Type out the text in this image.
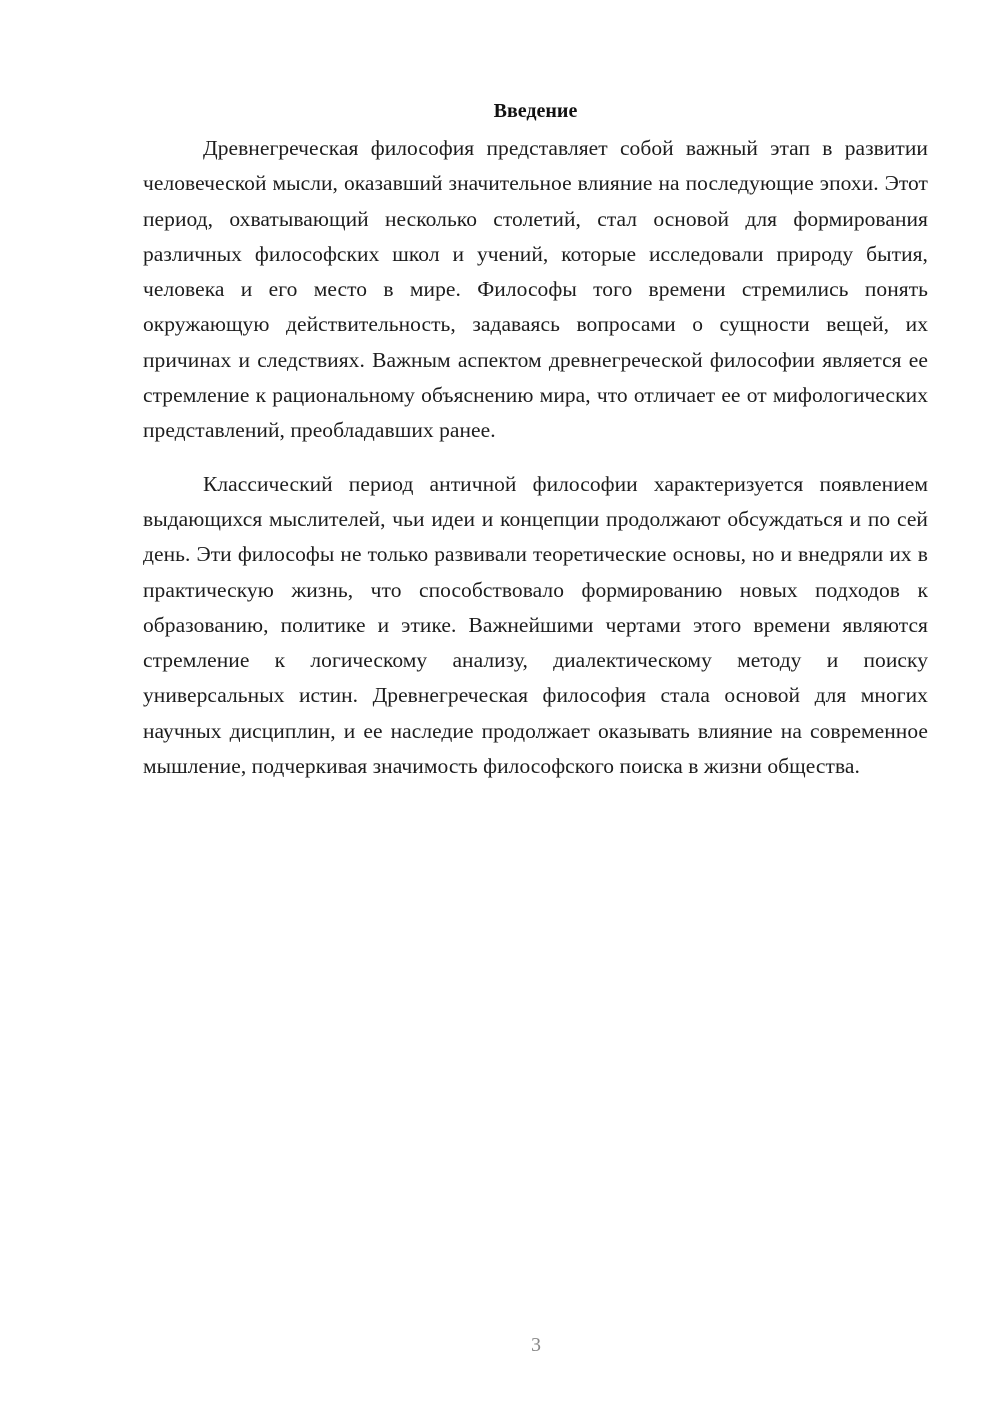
Введение

Древнегреческая философия представляет собой важный этап в развитии человеческой мысли, оказавший значительное влияние на последующие эпохи. Этот период, охватывающий несколько столетий, стал основой для формирования различных философских школ и учений, которые исследовали природу бытия, человека и его место в мире. Философы того времени стремились понять окружающую действительность, задаваясь вопросами о сущности вещей, их причинах и следствиях. Важным аспектом древнегреческой философии является ее стремление к рациональному объяснению мира, что отличает ее от мифологических представлений, преобладавших ранее.

Классический период античной философии характеризуется появлением выдающихся мыслителей, чьи идеи и концепции продолжают обсуждаться и по сей день. Эти философы не только развивали теоретические основы, но и внедряли их в практическую жизнь, что способствовало формированию новых подходов к образованию, политике и этике. Важнейшими чертами этого времени являются стремление к логическому анализу, диалектическому методу и поиску универсальных истин. Древнегреческая философия стала основой для многих научных дисциплин, и ее наследие продолжает оказывать влияние на современное мышление, подчеркивая значимость философского поиска в жизни общества.

3
